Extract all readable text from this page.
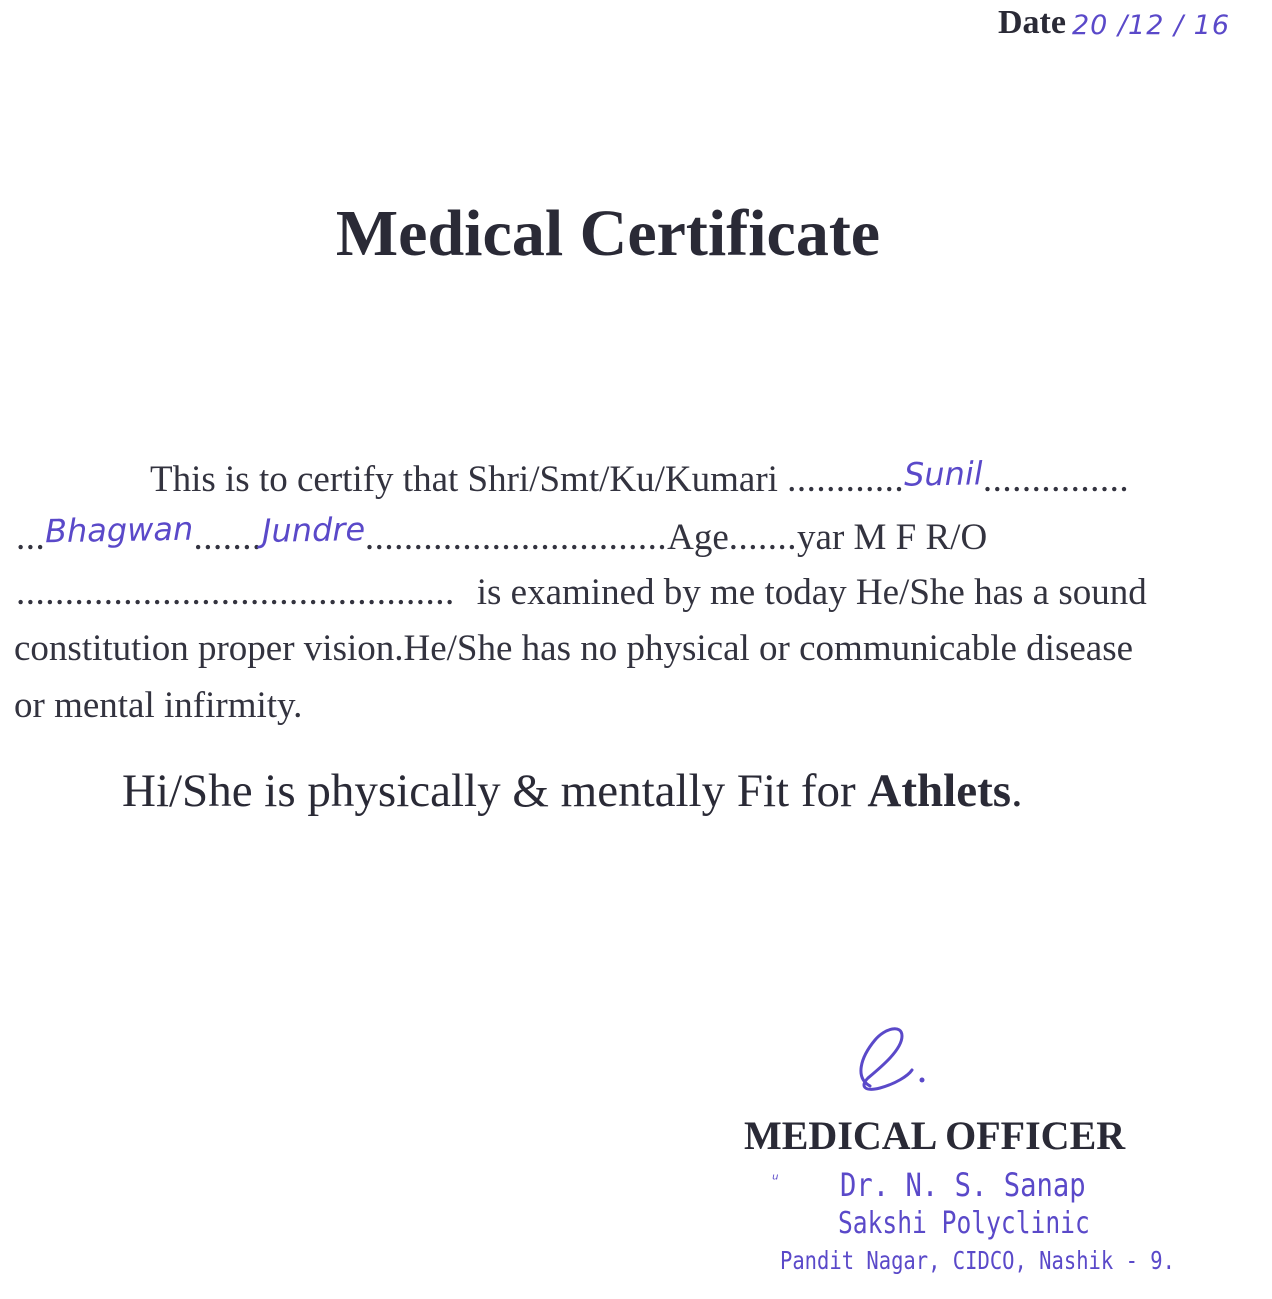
Date 20 /12 / 16
Medical Certificate
This is to certify that Shri/Smt/Ku/Kumari ............Sunil...............
...Bhagwan.......Jundre...............................Age.......yar M F R/O
............................................. is examined by me today He/She has a sound
constitution proper vision.He/She has no physical or communicable disease
or mental infirmity.
Hi/She is physically & mentally Fit for Athlets.
MEDICAL OFFICER
ᵘ Dr. N. S. Sanap
Sakshi Polyclinic
Pandit Nagar, CIDCO, Nashik - 9.
